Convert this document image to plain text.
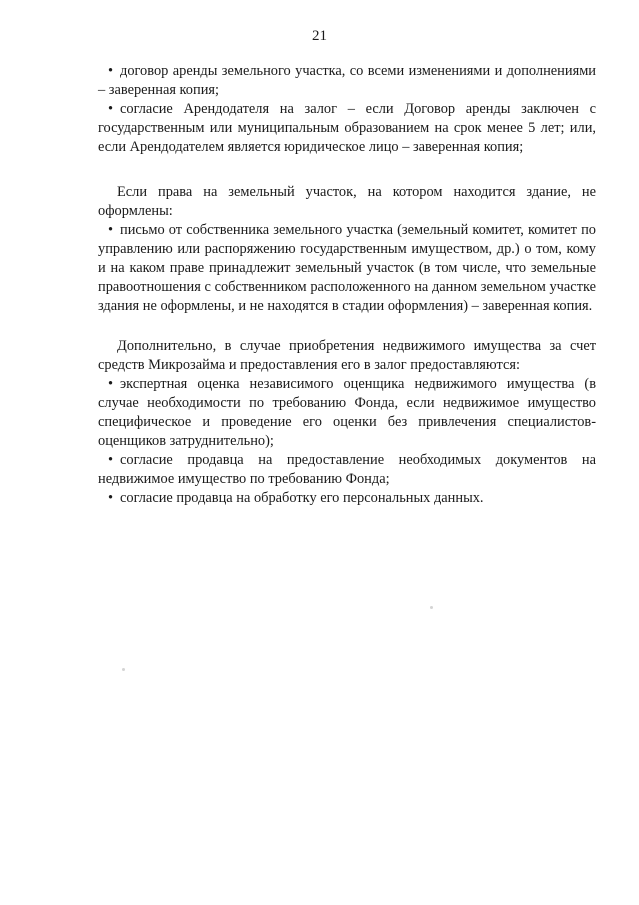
21

• договор аренды земельного участка, со всеми изменениями и дополнениями – заверенная копия;

• согласие Арендодателя на залог – если Договор аренды заключен с государственным или муниципальным образованием на срок менее 5 лет; или, если Арендодателем является юридическое лицо – заверенная копия;

Если права на земельный участок, на котором находится здание, не оформлены:

• письмо от собственника земельного участка (земельный комитет, комитет по управлению или распоряжению государственным имуществом, др.) о том, кому и на каком праве принадлежит земельный участок (в том числе, что земельные правоотношения с собственником расположенного на данном земельном участке здания не оформлены, и не находятся в стадии оформления) – заверенная копия.

Дополнительно, в случае приобретения недвижимого имущества за счет средств Микрозайма и предоставления его в залог предоставляются:

• экспертная оценка независимого оценщика недвижимого имущества (в случае необходимости по требованию Фонда, если недвижимое имущество специфическое и проведение его оценки без привлечения специалистов-оценщиков затруднительно);

• согласие продавца на предоставление необходимых документов на недвижимое имущество по требованию Фонда;

• согласие продавца на обработку его персональных данных.
